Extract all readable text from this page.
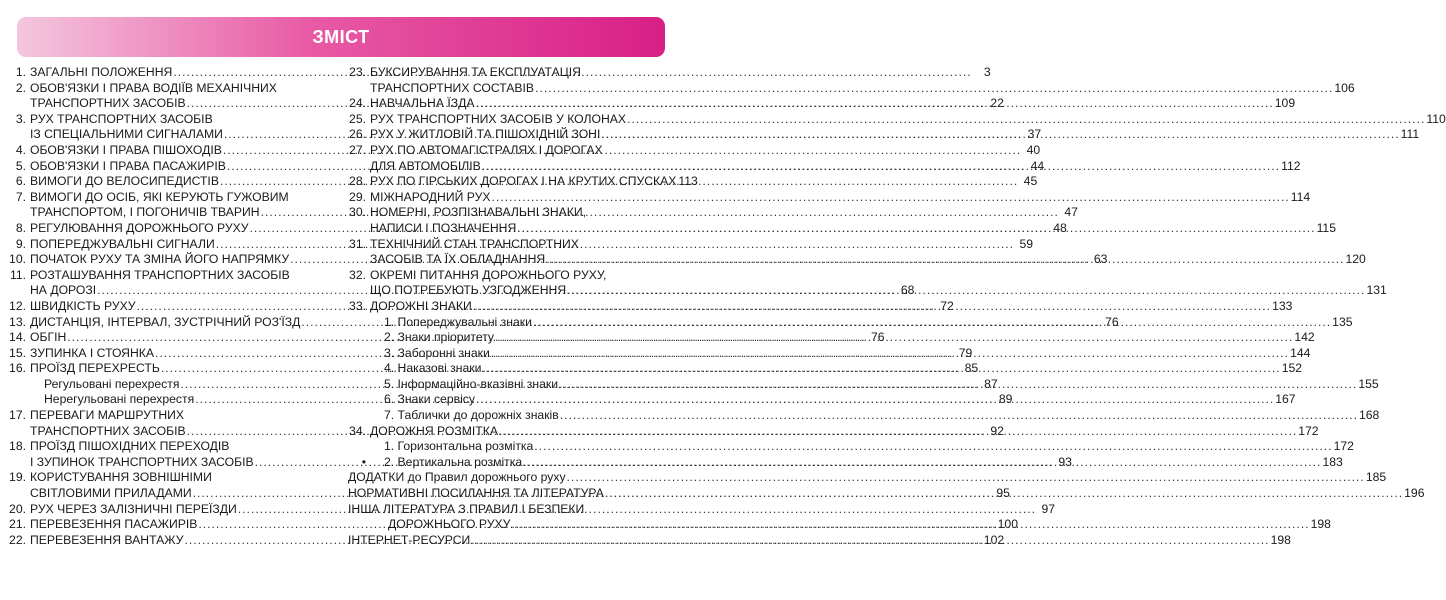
ЗМІСТ
1. ЗАГАЛЬНІ ПОЛОЖЕННЯ .....	3
2. ОБОВ'ЯЗКИ І ПРАВА ВОДІЇВ МЕХАНІЧНИХ
ТРАНСПОРТНИХ ЗАСОБІВ .....	22
3. РУХ ТРАНСПОРТНИХ ЗАСОБІВ
ІЗ СПЕЦІАЛЬНИМИ СИГНАЛАМИ .....	37
4. ОБОВ'ЯЗКИ І ПРАВА ПІШОХОДІВ .....	40
5. ОБОВ'ЯЗКИ І ПРАВА ПАСАЖИРІВ .....	44
6. ВИМОГИ ДО ВЕЛОСИПЕДИСТІВ .....	45
7. ВИМОГИ ДО ОСІБ, ЯКІ КЕРУЮТЬ ГУЖОВИМ
ТРАНСПОРТОМ, І ПОГОНИЧІВ ТВАРИН .....	47
8. РЕГУЛЮВАННЯ ДОРОЖНЬОГО РУХУ .....	48
9. ПОПЕРЕДЖУВАЛЬНІ СИГНАЛИ .....	59
10. ПОЧАТОК РУХУ ТА ЗМІНА ЙОГО НАПРЯМКУ .....	63
11. РОЗТАШУВАННЯ ТРАНСПОРТНИХ ЗАСОБІВ
НА ДОРОЗІ .....	68
12. ШВИДКІСТЬ РУХУ .....	72
13. ДИСТАНЦІЯ, ІНТЕРВАЛ, ЗУСТРІЧНИЙ РОЗ'ЇЗД .....	76
14. ОБГІН .....	76
15. ЗУПИНКА І СТОЯНКА .....	79
16. ПРОЇЗД ПЕРЕХРЕСТЬ .....	85
Регульовані перехрестя .....	87
Нерегульовані перехрестя .....	89
17. ПЕРЕВАГИ МАРШРУТНИХ
ТРАНСПОРТНИХ ЗАСОБІВ .....	92
18. ПРОЇЗД ПІШОХІДНИХ ПЕРЕХОДІВ
І ЗУПИНОК ТРАНСПОРТНИХ ЗАСОБІВ .....	93
19. КОРИСТУВАННЯ ЗОВНІШНІМИ
СВІТЛОВИМИ ПРИЛАДАМИ .....	95
20. РУХ ЧЕРЕЗ ЗАЛІЗНИЧНІ ПЕРЕЇЗДИ .....	97
21. ПЕРЕВЕЗЕННЯ ПАСАЖИРІВ .....	100
22. ПЕРЕВЕЗЕННЯ ВАНТАЖУ .....	102
23. БУКСИРУВАННЯ ТА ЕКСПЛУАТАЦІЯ
ТРАНСПОРТНИХ СОСТАВІВ .....	106
24. НАВЧАЛЬНА ЇЗДА .....	109
25. РУХ ТРАНСПОРТНИХ ЗАСОБІВ У КОЛОНАХ .....	110
26. РУХ У ЖИТЛОВІЙ ТА ПІШОХІДНІЙ ЗОНІ .....	111
27. РУХ ПО АВТОМАГІСТРАЛЯХ І ДОРОГАХ
ДЛЯ АВТОМОБІЛІВ .....	112
28. РУХ ПО ГІРСЬКИХ ДОРОГАХ І НА КРУТИХ СПУСКАХ 113
29. МІЖНАРОДНИЙ РУХ .....	114
30. НОМЕРНІ, РОЗПІЗНАВАЛЬНІ ЗНАКИ,
НАПИСИ І ПОЗНАЧЕННЯ .....	115
31. ТЕХНІЧНИЙ СТАН ТРАНСПОРТНИХ
ЗАСОБІВ ТА ЇХ ОБЛАДНАННЯ .....	120
32. ОКРЕМІ ПИТАННЯ ДОРОЖНЬОГО РУХУ,
ЩО ПОТРЕБУЮТЬ УЗГОДЖЕННЯ .....	131
33. ДОРОЖНІ ЗНАКИ .....	133
1. Попереджувальні знаки .....	135
2. Знаки пріоритету .....	142
3. Заборонні знаки .....	144
4. Наказові знаки .....	152
5. Інформаційно-вказівні знаки .....	155
6. Знаки сервісу .....	167
7. Таблички до дорожніх знаків .....	168
34. ДОРОЖНЯ РОЗМІТКА .....	172
1. Горизонтальна розмітка .....	172
•	2. Вертикальна розмітка .....	183
ДОДАТКИ до Правил дорожнього руху .....	185
НОРМАТИВНІ ПОСИЛАННЯ ТА ЛІТЕРАТУРА .....	196
ІНША ЛІТЕРАТУРА З ПРАВИЛ І БЕЗПЕКИ
ДОРОЖНЬОГО РУХУ .....	198
ІНТЕРНЕТ-РЕСУРСИ .....	198
